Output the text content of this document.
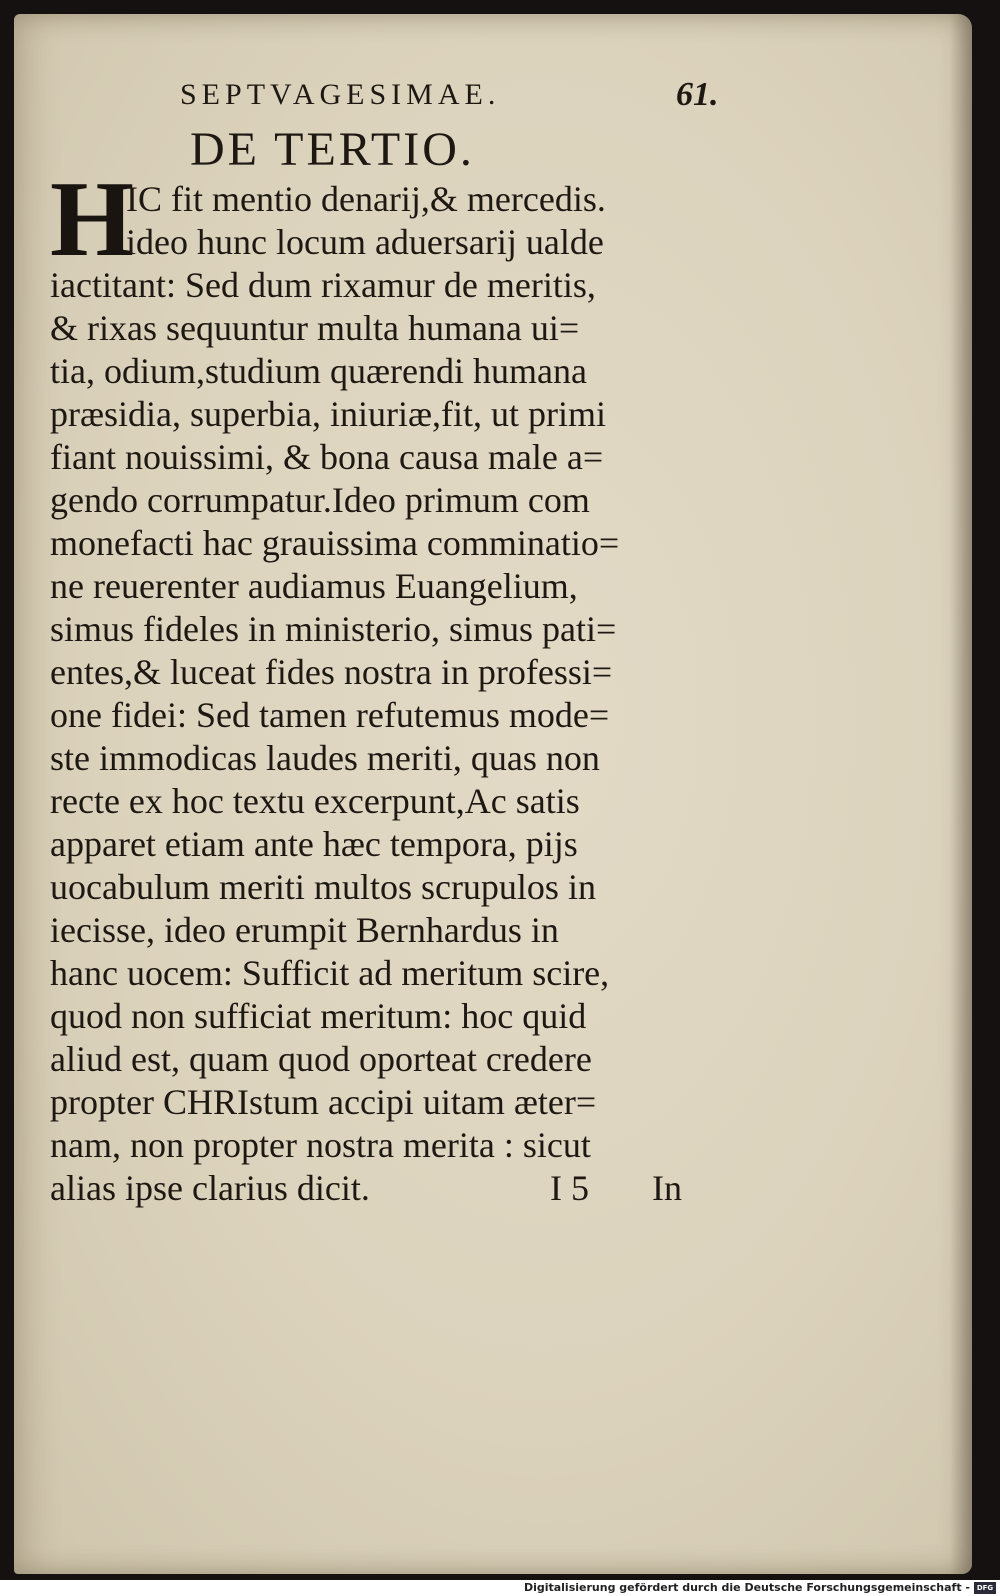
SEPTVAGESIMAE.	61.
DE TERTIO.
H
IC fit mentio denarij,& mercedis.
ideo hunc locum aduersarij ualde
iactitant: Sed dum rixamur de meritis,
& rixas sequuntur multa humana ui=
tia, odium,studium quærendi humana
præsidia, superbia, iniuriæ,fit, ut primi
fiant nouissimi, & bona causa male a=
gendo corrumpatur.Ideo primum com
monefacti hac grauissima comminatio=
ne reuerenter audiamus Euangelium,
simus fideles in ministerio, simus pati=
entes,& luceat fides nostra in professi=
one fidei: Sed tamen refutemus mode=
ste immodicas laudes meriti, quas non
recte ex hoc textu excerpunt,Ac satis
apparet etiam ante hæc tempora, pijs
uocabulum meriti multos scrupulos in
iecisse, ideo erumpit Bernhardus in
hanc uocem: Sufficit ad meritum scire,
quod non sufficiat meritum: hoc quid
aliud est, quam quod oporteat credere
propter CHRIstum accipi uitam æter=
nam, non propter nostra merita : sicut
alias ipse clarius dicit.	I 5 In
Digitalisierung gefördert durch die Deutsche Forschungsgemeinschaft - DFG
